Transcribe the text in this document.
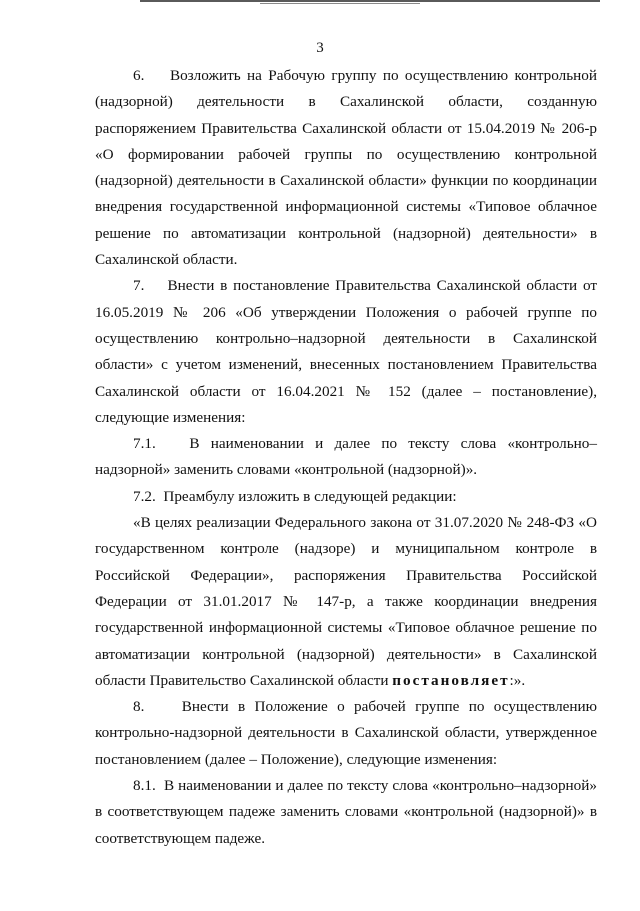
3

6.    Возложить на Рабочую группу по осуществлению контрольной (надзорной) деятельности в Сахалинской области, созданную распоряжением Правительства Сахалинской области от 15.04.2019 № 206-р «О формировании рабочей группы по осуществлению контрольной (надзорной) деятельности в Сахалинской области» функции по координации внедрения государственной информационной системы «Типовое облачное решение по автоматизации контрольной (надзорной) деятельности» в Сахалинской области.

7.    Внести в постановление Правительства Сахалинской области от 16.05.2019 № 206 «Об утверждении Положения о рабочей группе по осуществлению контрольно–надзорной деятельности в Сахалинской области» с учетом изменений, внесенных постановлением Правительства Сахалинской области от 16.04.2021 № 152 (далее – постановление), следующие изменения:

7.1.   В наименовании и далее по тексту слова «контрольно–надзорной» заменить словами «контрольной (надзорной)».

7.2.  Преамбулу изложить в следующей редакции:

«В целях реализации Федерального закона от 31.07.2020 № 248-ФЗ «О государственном контроле (надзоре) и муниципальном контроле в Российской Федерации», распоряжения Правительства Российской Федерации от 31.01.2017 № 147-р, а также координации внедрения государственной информационной системы «Типовое облачное решение по автоматизации контрольной (надзорной) деятельности» в Сахалинской области Правительство Сахалинской области постановляет:».

8.    Внести в Положение о рабочей группе по осуществлению контрольно-надзорной деятельности в Сахалинской области, утвержденное постановлением (далее – Положение), следующие изменения:

8.1.  В наименовании и далее по тексту слова «контрольно–надзорной» в соответствующем падеже заменить словами «контрольной (надзорной)» в соответствующем падеже.
